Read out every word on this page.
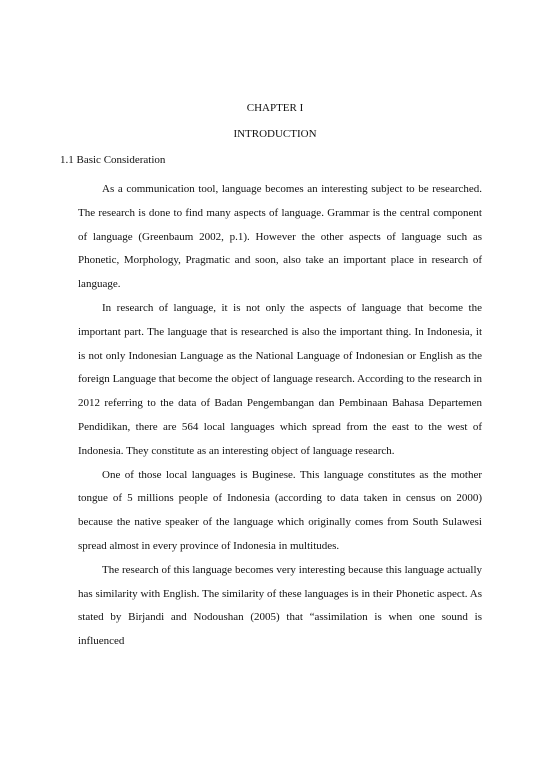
CHAPTER I
INTRODUCTION
1.1 Basic Consideration

As a communication tool, language becomes an interesting subject to be researched. The research is done to find many aspects of language. Grammar is the central component of language (Greenbaum 2002, p.1). However the other aspects of language such as Phonetic, Morphology, Pragmatic and soon, also take an important place in research of language.

In research of language, it is not only the aspects of language that become the important part. The language that is researched is also the important thing. In Indonesia, it is not only Indonesian Language as the National Language of Indonesian or English as the foreign Language that become the object of language research. According to the research in 2012 referring to the data of Badan Pengembangan dan Pembinaan Bahasa Departemen Pendidikan, there are 564 local languages which spread from the east to the west of Indonesia. They constitute as an interesting object of language research.

One of those local languages is Buginese. This language constitutes as the mother tongue of 5 millions people of Indonesia (according to data taken in census on 2000) because the native speaker of the language which originally comes from South Sulawesi spread almost in every province of Indonesia in multitudes.

The research of this language becomes very interesting because this language actually has similarity with English. The similarity of these languages is in their Phonetic aspect. As stated by Birjandi and Nodoushan (2005) that “assimilation is when one sound is influenced
